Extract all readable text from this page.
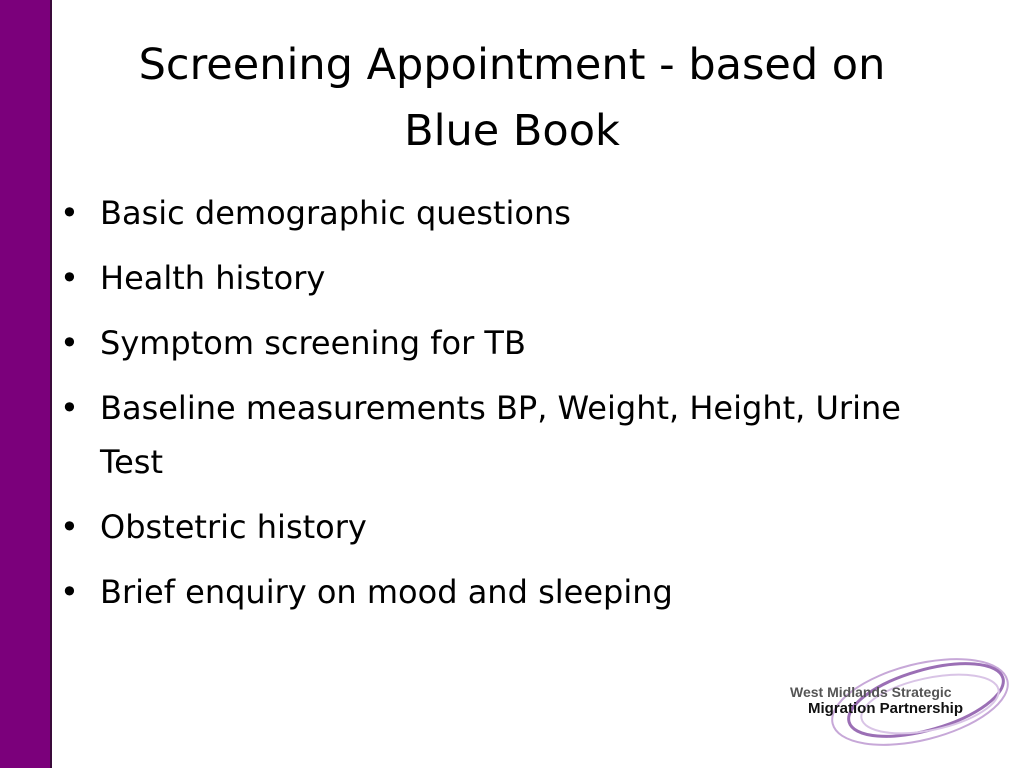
Screening Appointment - based on
Blue Book
• Basic demographic questions
• Health history
• Symptom screening for TB
• Baseline measurements BP, Weight, Height, Urine Test
• Obstetric history
• Brief enquiry on mood and sleeping
West Midlands Strategic
Migration Partnership
